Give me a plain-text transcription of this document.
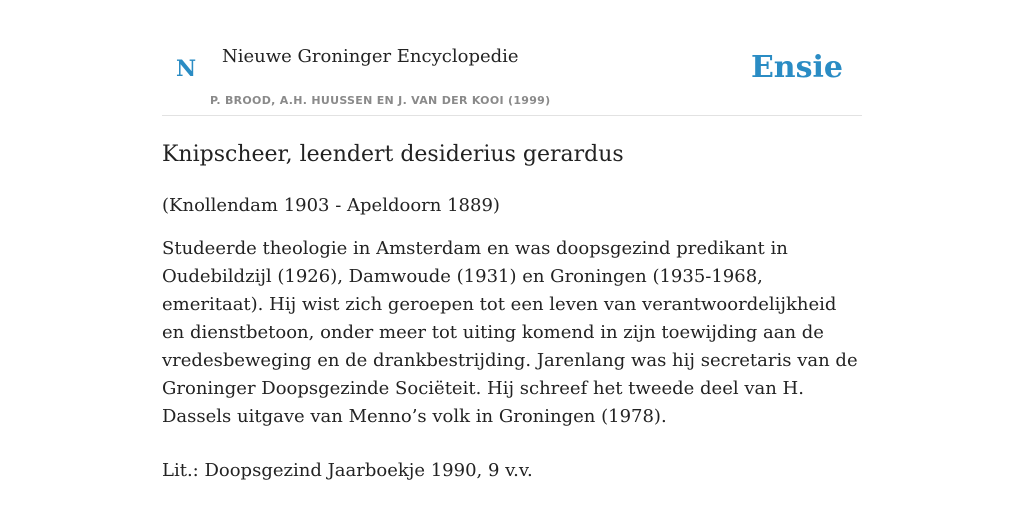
N Nieuwe Groninger Encyclopedie
P. BROOD, A.H. HUUSSEN EN J. VAN DER KOOI (1999)
Ensie
Knipscheer, leendert desiderius gerardus

(Knollendam 1903 - Apeldoorn 1889)

Studeerde theologie in Amsterdam en was doopsgezind predikant in Oudebildzijl (1926), Damwoude (1931) en Groningen (1935-1968, emeritaat). Hij wist zich geroepen tot een leven van verantwoordelijkheid en dienstbetoon, onder meer tot uiting komend in zijn toewijding aan de vredesbeweging en de drankbestrijding. Jarenlang was hij secretaris van de Groninger Doopsgezinde Sociëteit. Hij schreef het tweede deel van H. Dassels uitgave van Menno’s volk in Groningen (1978).

Lit.: Doopsgezind Jaarboekje 1990, 9 v.v.
